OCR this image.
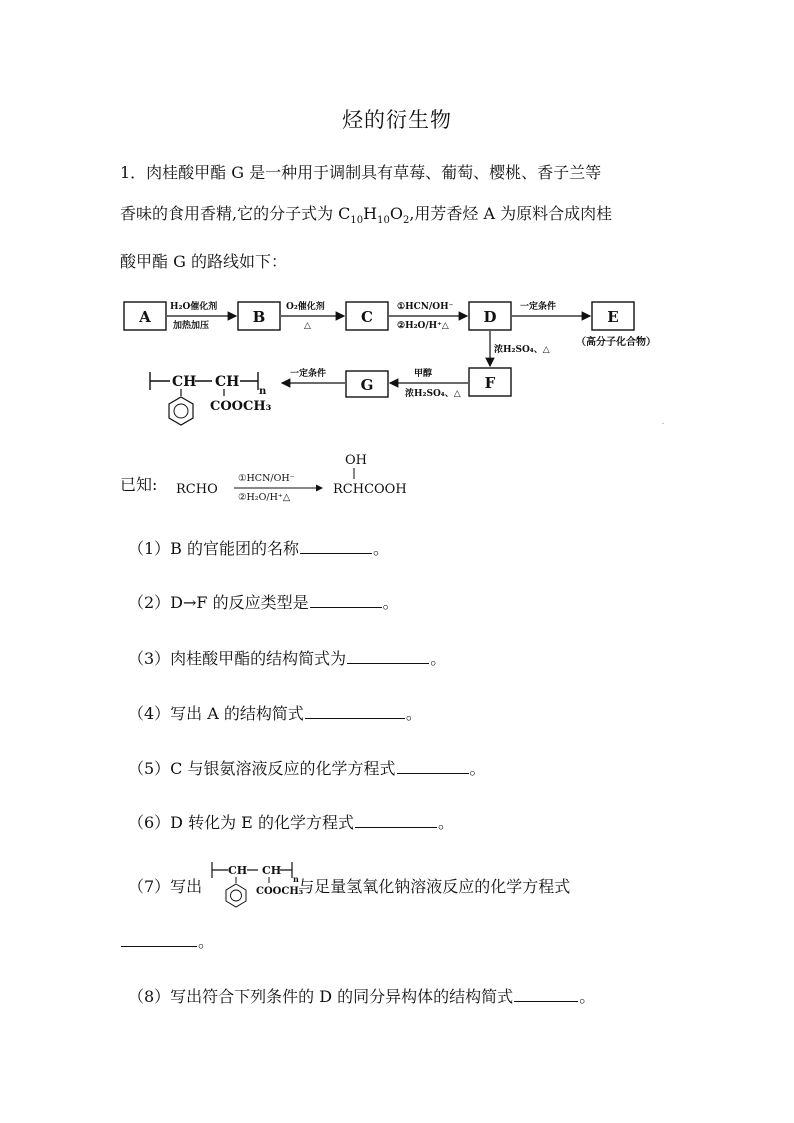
烃的衍生物
1．肉桂酸甲酯 G 是一种用于调制具有草莓、葡萄、樱桃、香子兰等
香味的食用香精,它的分子式为 $C_{10}H_{10}O_2$,用芳香烃 A 为原料合成肉桂
酸甲酯 G 的路线如下：
A	B	C	D	E
F
G
H₂O催化剂
加热加压
O₂催化剂
△
①HCN/OH⁻
②H₂O/H⁺△
一定条件
（高分子化合物）
浓H₂SO₄、△
甲醇
浓H₂SO₄、△
一定条件
CH CH
n
COOCH₃
·
已知: RCHO
①HCN/OH⁻
②H₂O/H⁺△
OH
RCHCOOH
（1）B 的官能团的名称	。
（2）D→F 的反应类型是	。
（3）肉桂酸甲酯的结构简式为	。
（4）写出 A 的结构简式	。
（5）C 与银氨溶液反应的化学方程式	。
（6）D 转化为 E 的化学方程式	。
（7）写出	与足量氢氧化钠溶液反应的化学方程式
CH CH
n
COOCH₃
。
（8）写出符合下列条件的 D 的同分异构体的结构简式	。
